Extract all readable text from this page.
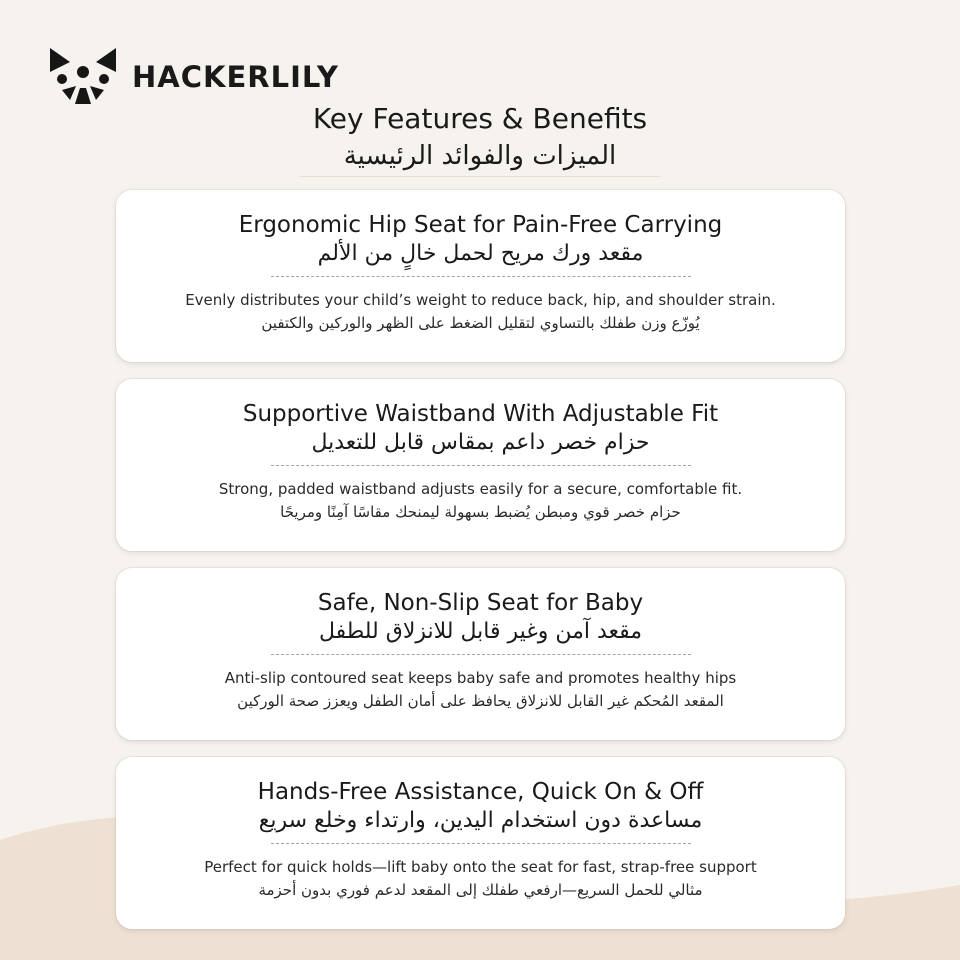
HACKERLILY
Key Features & Benefits
الميزات والفوائد الرئيسية
Ergonomic Hip Seat for Pain-Free Carrying
مقعد ورك مريح لحمل خالٍ من الألم
Evenly distributes your child’s weight to reduce back, hip, and shoulder strain.
يُوزّع وزن طفلك بالتساوي لتقليل الضغط على الظهر والوركين والكتفين
Supportive Waistband With Adjustable Fit
حزام خصر داعم بمقاس قابل للتعديل
Strong, padded waistband adjusts easily for a secure, comfortable fit.
حزام خصر قوي ومبطن يُضبط بسهولة ليمنحك مقاسًا آمِنًا ومريحًا
Safe, Non-Slip Seat for Baby
مقعد آمن وغير قابل للانزلاق للطفل
Anti-slip contoured seat keeps baby safe and promotes healthy hips
المقعد المُحكم غير القابل للانزلاق يحافظ على أمان الطفل ويعزز صحة الوركين
Hands-Free Assistance, Quick On & Off
مساعدة دون استخدام اليدين، وارتداء وخلع سريع
Perfect for quick holds—lift baby onto the seat for fast, strap-free support
مثالي للحمل السريع—ارفعي طفلك إلى المقعد لدعم فوري بدون أحزمة
